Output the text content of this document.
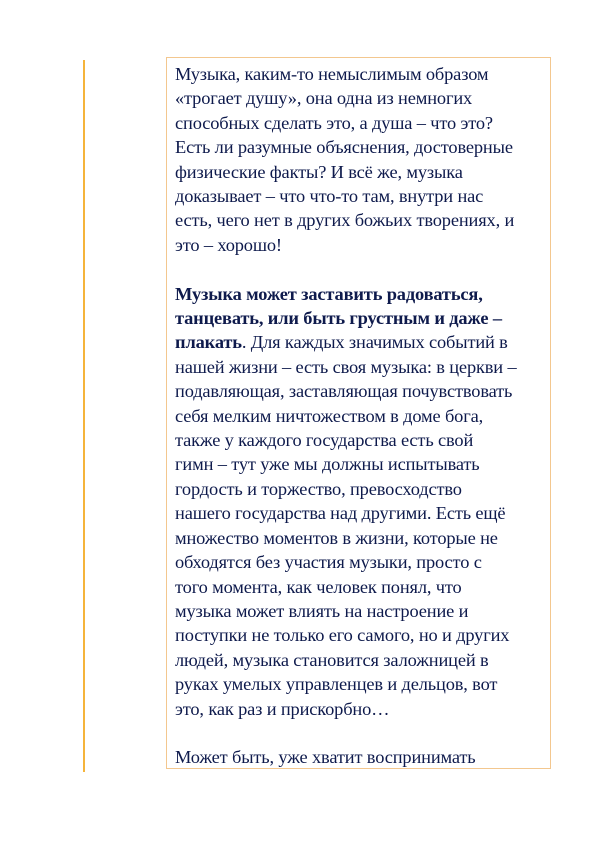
Музыка, каким-то немыслимым образом
«трогает душу», она одна из немногих
способных сделать это, а душа – что это?
Есть ли разумные объяснения, достоверные
физические факты? И всё же, музыка
доказывает – что что-то там, внутри нас
есть, чего нет в других божьих творениях, и
это – хорошо!

Музыка может заставить радоваться,
танцевать, или быть грустным и даже –
плакать. Для каждых значимых событий в
нашей жизни – есть своя музыка: в церкви –
подавляющая, заставляющая почувствовать
себя мелким ничтожеством в доме бога,
также у каждого государства есть свой
гимн – тут уже мы должны испытывать
гордость и торжество, превосходство
нашего государства над другими. Есть ещё
множество моментов в жизни, которые не
обходятся без участия музыки, просто с
того момента, как человек понял, что
музыка может влиять на настроение и
поступки не только его самого, но и других
людей, музыка становится заложницей в
руках умелых управленцев и дельцов, вот
это, как раз и прискорбно…

Может быть, уже хватит воспринимать
